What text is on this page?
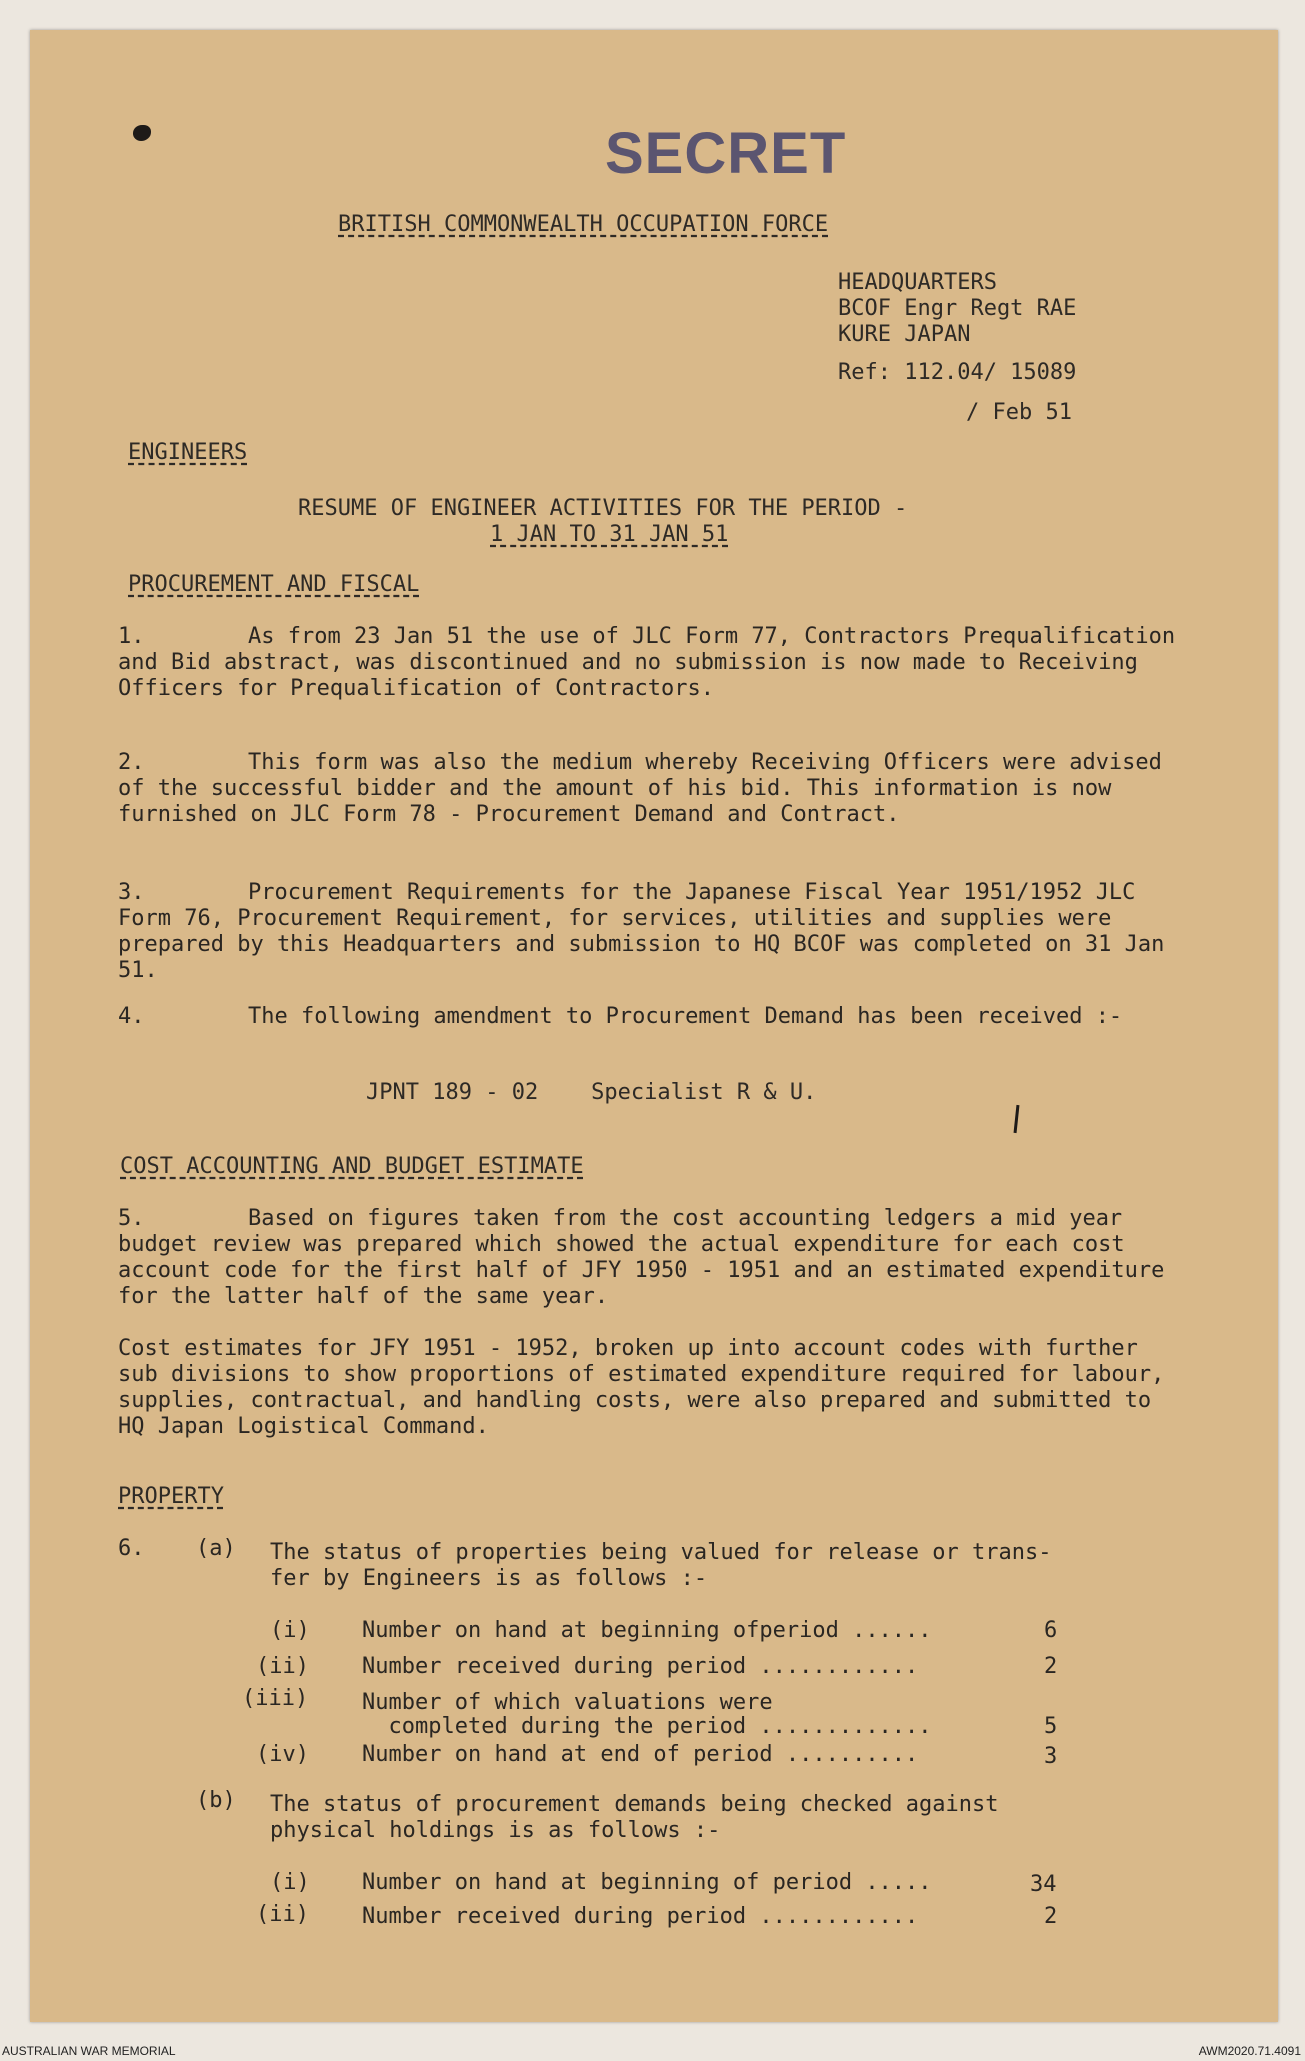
SECRET
BRITISH COMMONWEALTH OCCUPATION FORCE
HEADQUARTERS
BCOF Engr Regt RAE
KURE JAPAN
Ref: 112.04/ 15089
/ Feb 51
ENGINEERS
RESUME OF ENGINEER ACTIVITIES FOR THE PERIOD -
1 JAN TO 31 JAN 51
PROCUREMENT AND FISCAL
1.	As from 23 Jan 51 the use of JLC Form 77, Contractors Prequalification and Bid abstract, was discontinued and no submission is now made to Receiving Officers for Prequalification of Contractors.
2.	This form was also the medium whereby Receiving Officers were advised of the successful bidder and the amount of his bid. This information is now furnished on JLC Form 78 - Procurement Demand and Contract.
3.	Procurement Requirements for the Japanese Fiscal Year 1951/1952 JLC Form 76, Procurement Requirement, for services, utilities and supplies were prepared by this Headquarters and submission to HQ BCOF was completed on 31 Jan 51.
4.	The following amendment to Procurement Demand has been received :-
JPNT 189 - 02    Specialist R & U.
COST ACCOUNTING AND BUDGET ESTIMATE
5.	Based on figures taken from the cost accounting ledgers a mid year budget review was prepared which showed the actual expenditure for each cost account code for the first half of JFY 1950 - 1951 and an estimated expenditure for the latter half of the same year.
Cost estimates for JFY 1951 - 1952, broken up into account codes with further sub divisions to show proportions of estimated expenditure required for labour, supplies, contractual, and handling costs, were also prepared and submitted to HQ Japan Logistical Command.
PROPERTY
6. (a) The status of properties being valued for release or trans-
fer by Engineers is as follows :-
(i) Number on hand at beginning ofperiod ......	6
(ii) Number received during period ............	2
(iii) Number of which valuations were
completed during the period .............	5
(iv) Number on hand at end of period ..........	3
(b) The status of procurement demands being checked against
physical holdings is as follows :-
(i) Number on hand at beginning of period .....	34
(ii) Number received during period ............	2
AUSTRALIAN WAR MEMORIAL	AWM2020.71.4091
